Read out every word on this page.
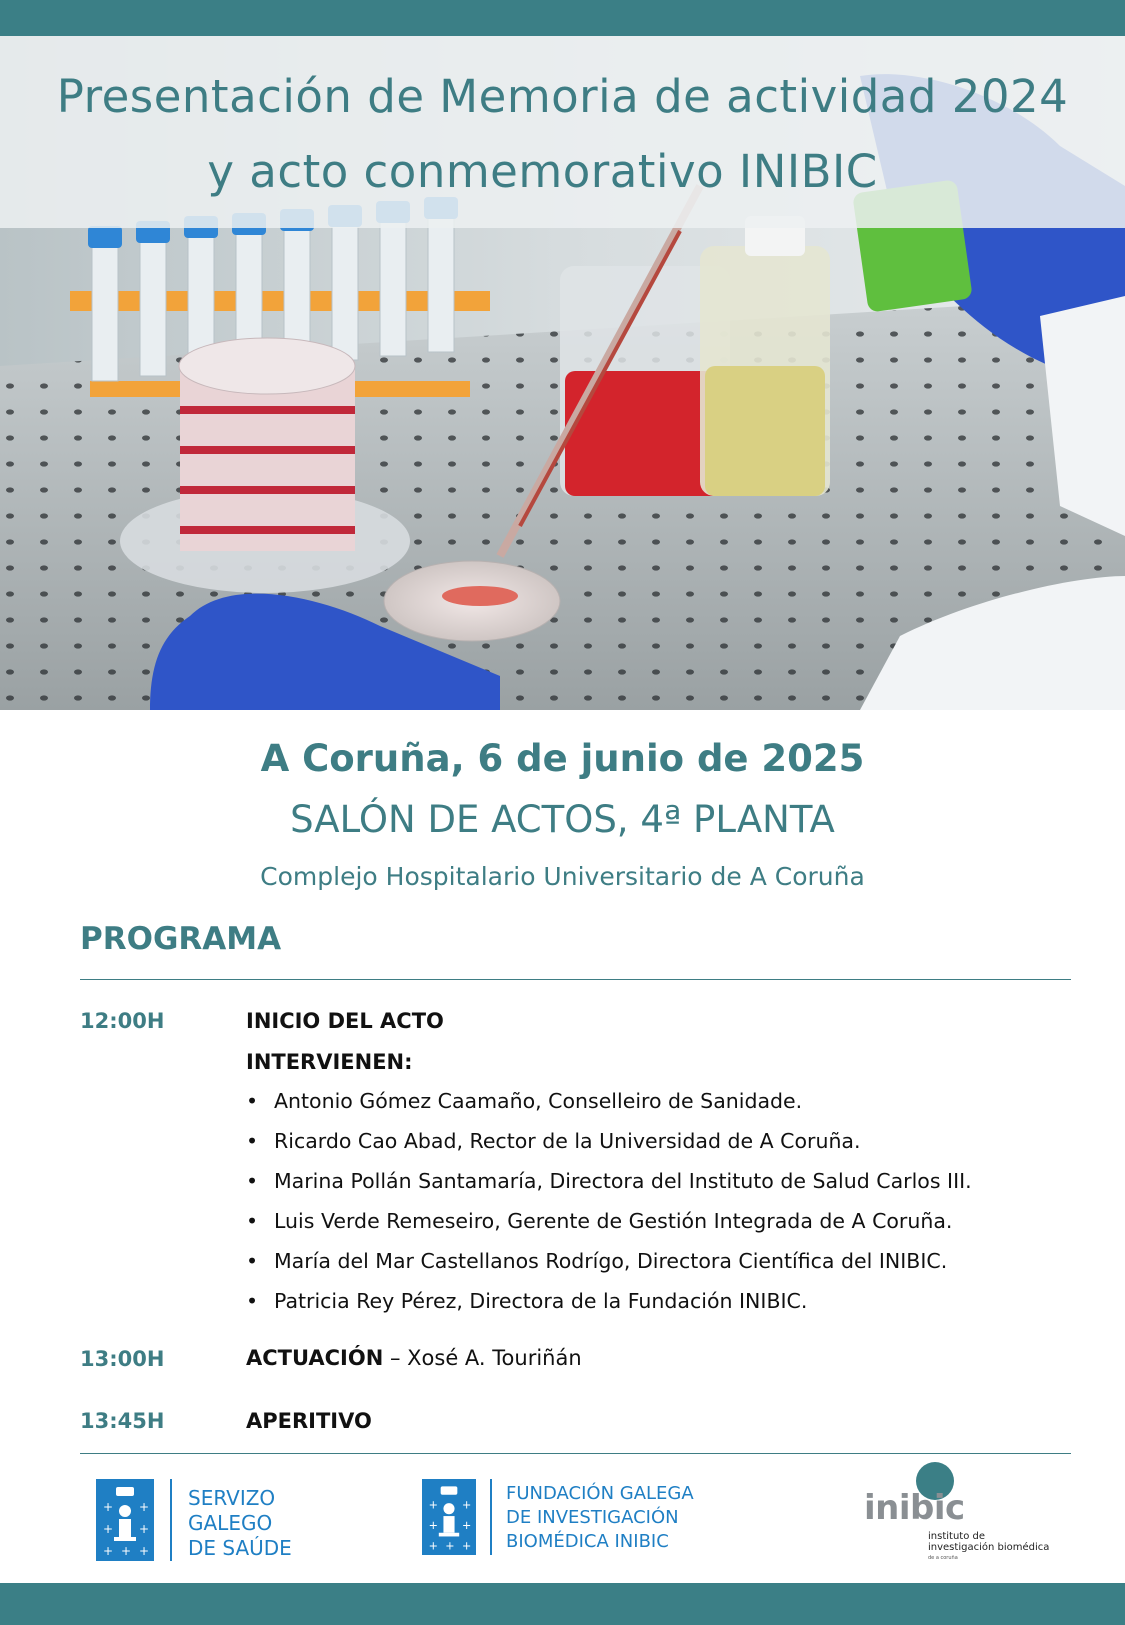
Presentación de Memoria de actividad 2024
y acto conmemorativo INIBIC
A Coruña, 6 de junio de 2025
SALÓN DE ACTOS, 4ª PLANTA
Complejo Hospitalario Universitario de A Coruña
PROGRAMA
12:00H	INICIO DEL ACTO
INTERVIENEN:
• Antonio Gómez Caamaño, Conselleiro de Sanidade.
• Ricardo Cao Abad, Rector de la Universidad de A Coruña.
• Marina Pollán Santamaría, Directora del Instituto de Salud Carlos III.
• Luis Verde Remeseiro, Gerente de Gestión Integrada de A Coruña.
• María del Mar Castellanos Rodrígo, Directora Científica del INIBIC.
• Patricia Rey Pérez, Directora de la Fundación INIBIC.
13:00H	ACTUACIÓN – Xosé A. Touriñán
13:45H	APERITIVO
+ +
+ +
+ +
+
SERVIZO
GALEGO
DE SAÚDE
+ +
+ +
+ +
+
FUNDACIÓN GALEGA
DE INVESTIGACIÓN
BIOMÉDICA INIBIC
inibic
instituto de
investigación biomédica
de a coruña
